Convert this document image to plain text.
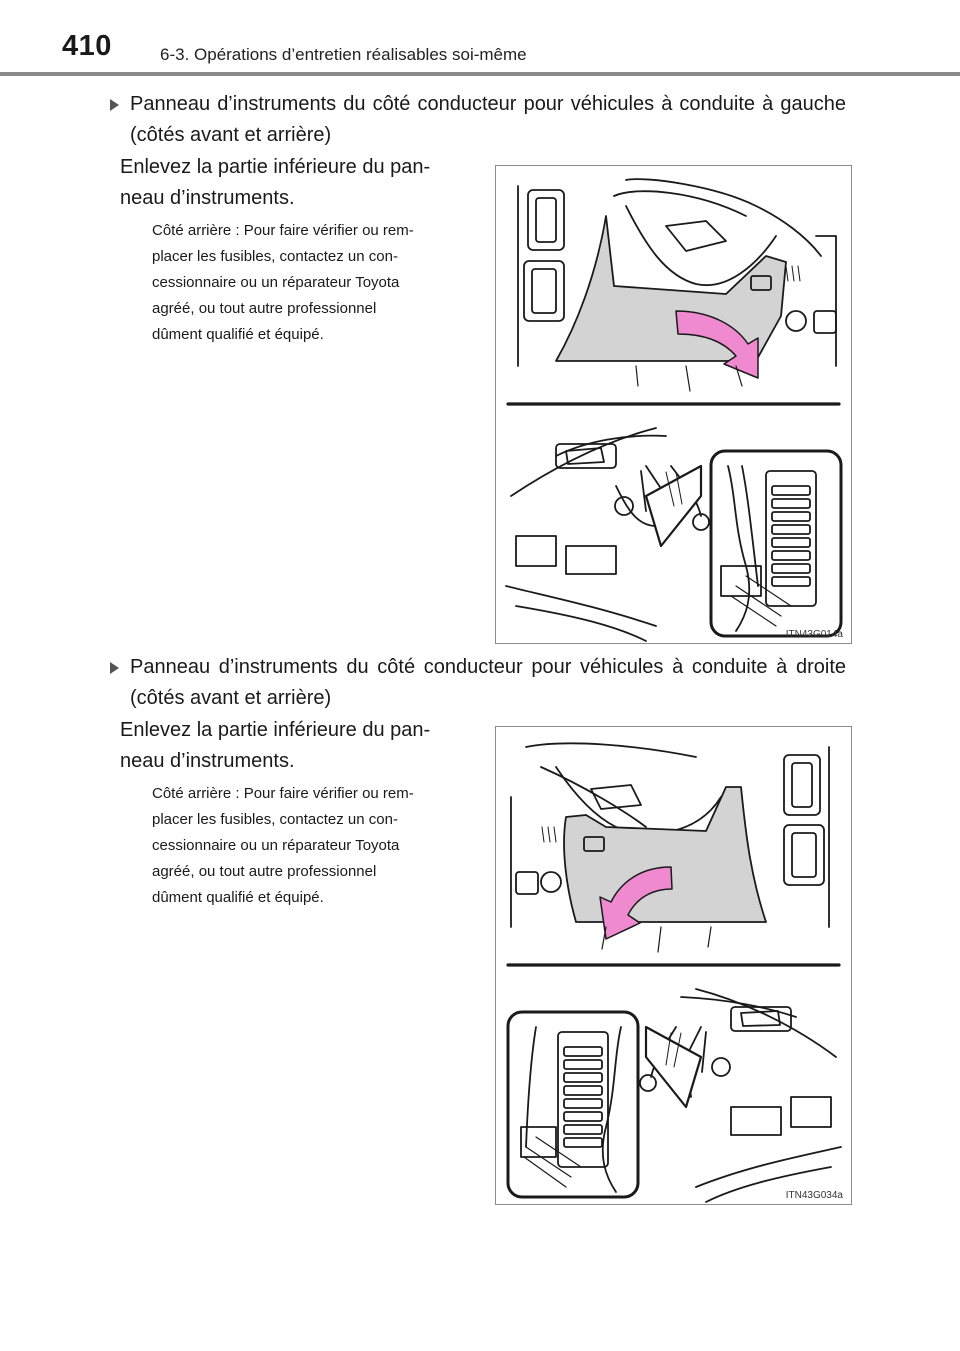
410	6-3. Opérations d’entretien réalisables soi-même

Panneau d’instruments du côté conducteur pour véhicules à conduite à gauche (côtés avant et arrière)

Enlevez la partie inférieure du pan-
neau d’instruments.

Côté arrière : Pour faire vérifier ou rem-
placer les fusibles, contactez un con-
cessionnaire ou un réparateur Toyota
agréé, ou tout autre professionnel
dûment qualifié et équipé.

ITN43G014a

Panneau d’instruments du côté conducteur pour véhicules à conduite à droite (côtés avant et arrière)

Enlevez la partie inférieure du pan-
neau d’instruments.

Côté arrière : Pour faire vérifier ou rem-
placer les fusibles, contactez un con-
cessionnaire ou un réparateur Toyota
agréé, ou tout autre professionnel
dûment qualifié et équipé.

ITN43G034a
